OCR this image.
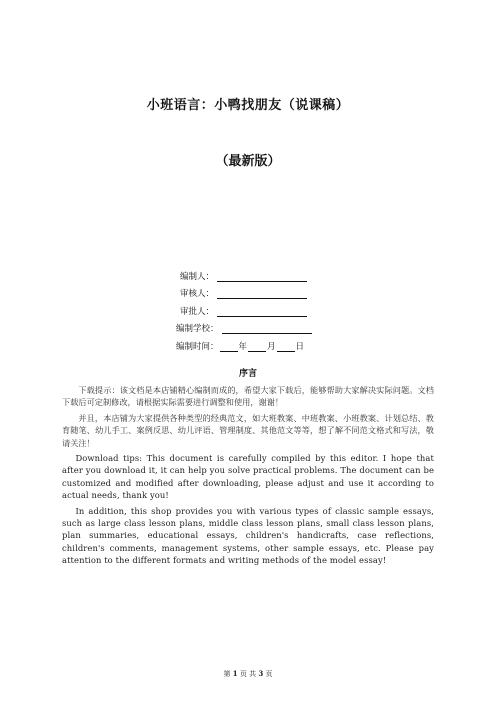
小班语言：小鸭找朋友（说课稿）
（最新版）
编制人：
审核人：
审批人：
编制学校：
编制时间： 年 月 日
序言

下载提示：该文档是本店铺精心编制而成的，希望大家下载后，能够帮助大家解决实际问题。文档下载后可定制修改，请根据实际需要进行调整和使用，谢谢！

并且，本店铺为大家提供各种类型的经典范文，如大班教案、中班教案、小班教案、计划总结、教育随笔、幼儿手工、案例反思、幼儿评语、管理制度、其他范文等等，想了解不同范文格式和写法，敬请关注！

Download tips: This document is carefully compiled by this editor. I hope that after you download it, it can help you solve practical problems. The document can be customized and modified after downloading, please adjust and use it according to actual needs, thank you!

In addition, this shop provides you with various types of classic sample essays, such as large class lesson plans, middle class lesson plans, small class lesson plans, plan summaries, educational essays, children's handicrafts, case reflections, children's comments, management systems, other sample essays, etc. Please pay attention to the different formats and writing methods of the model essay!

第 1 页 共 3 页
